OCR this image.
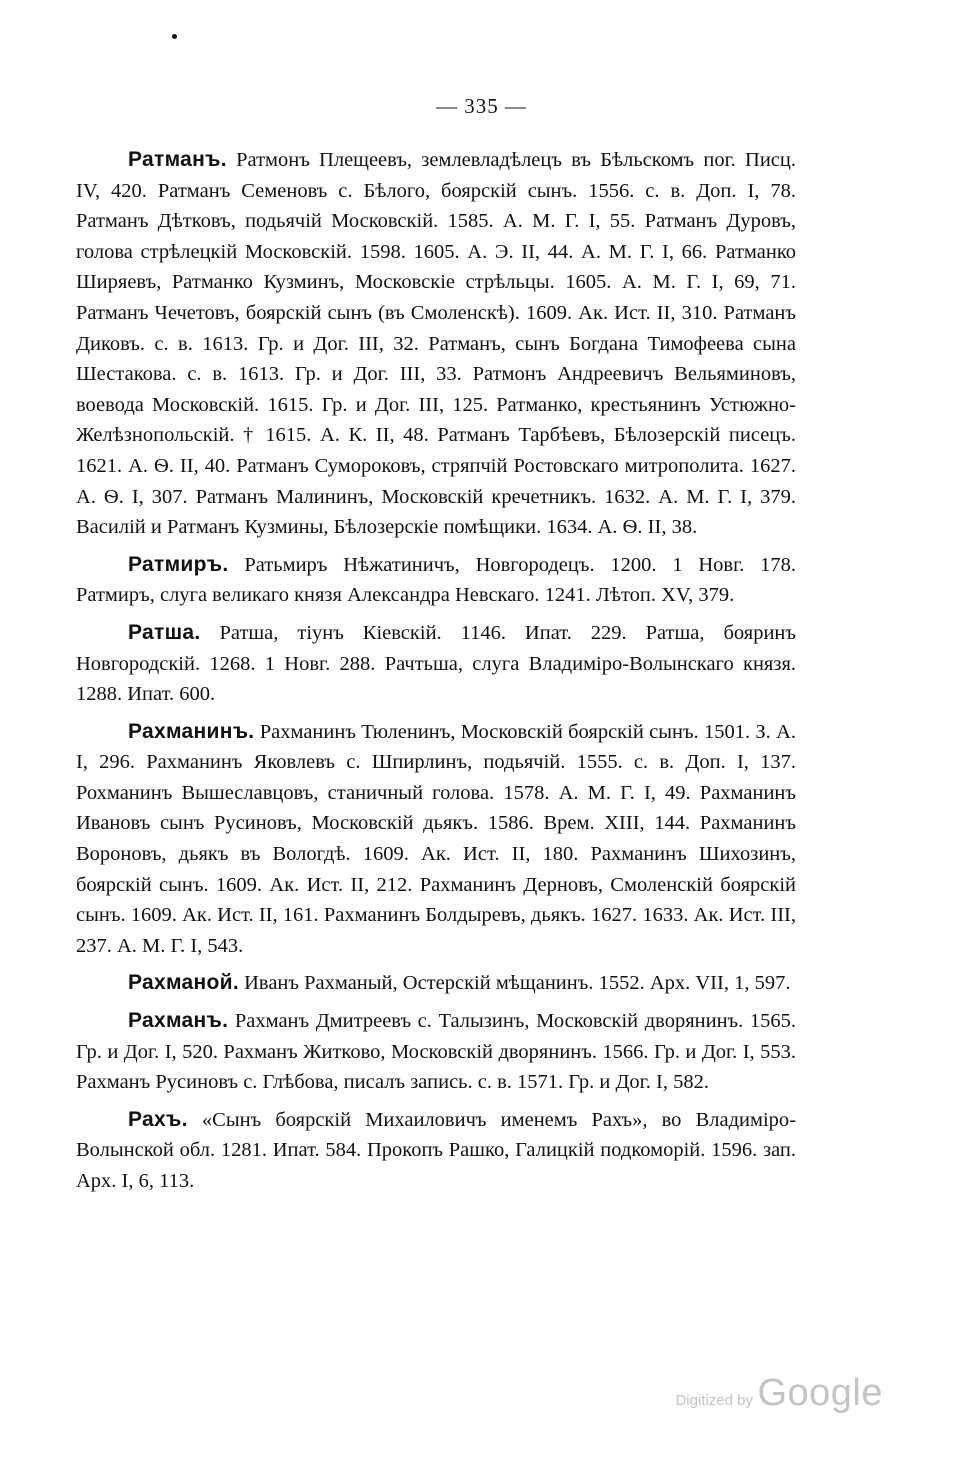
— 335 —

Ратманъ. Ратмонъ Плещеевъ, землевладѣлецъ въ Бѣльскомъ пог. Писц. IV, 420. Ратманъ Семеновъ с. Бѣлого, боярскій сынъ. 1556. с. в. Доп. I, 78. Ратманъ Дѣтковъ, подьячій Московскій. 1585. А. М. Г. I, 55. Ратманъ Дуровъ, голова стрѣлецкій Московскій. 1598. 1605. А. Э. II, 44. А. М. Г. I, 66. Ратманко Ширяевъ, Ратманко Кузминъ, Московскіе стрѣльцы. 1605. А. М. Г. I, 69, 71. Ратманъ Чечетовъ, боярскій сынъ (въ Смоленскѣ). 1609. Ак. Ист. II, 310. Ратманъ Диковъ. с. в. 1613. Гр. и Дог. III, 32. Ратманъ, сынъ Богдана Тимофеева сына Шестакова. с. в. 1613. Гр. и Дог. III, 33. Ратмонъ Андреевичъ Вельяминовъ, воевода Московскій. 1615. Гр. и Дог. III, 125. Ратманко, крестьянинъ Устюжно-Желѣзнопольскій. † 1615. А. К. II, 48. Ратманъ Тарбѣевъ, Бѣлозерскій писецъ. 1621. А. Ѳ. II, 40. Ратманъ Сумороковъ, стряпчій Ростовскаго митрополита. 1627. А. Ѳ. I, 307. Ратманъ Малининъ, Московскій кречетникъ. 1632. А. М. Г. I, 379. Василій и Ратманъ Кузмины, Бѣлозерскіе помѣщики. 1634. А. Ѳ. II, 38.

Ратмиръ. Ратьмиръ Нѣжатиничъ, Новгородецъ. 1200. 1 Новг. 178. Ратмиръ, слуга великаго князя Александра Невскаго. 1241. Лѣтоп. XV, 379.

Ратша. Ратша, тіунъ Кіевскій. 1146. Ипат. 229. Ратша, бояринъ Новгородскій. 1268. 1 Новг. 288. Рачтьша, слуга Владиміро-Волынскаго князя. 1288. Ипат. 600.

Рахманинъ. Рахманинъ Тюленинъ, Московскій боярскій сынъ. 1501. З. А. I, 296. Рахманинъ Яковлевъ с. Шпирлинъ, подьячій. 1555. с. в. Доп. I, 137. Рохманинъ Вышеславцовъ, станичный голова. 1578. А. М. Г. I, 49. Рахманинъ Ивановъ сынъ Русиновъ, Московскій дьякъ. 1586. Врем. XIII, 144. Рахманинъ Вороновъ, дьякъ въ Вологдѣ. 1609. Ак. Ист. II, 180. Рахманинъ Шихозинъ, боярскій сынъ. 1609. Ак. Ист. II, 212. Рахманинъ Дерновъ, Смоленскій боярскій сынъ. 1609. Ак. Ист. II, 161. Рахманинъ Болдыревъ, дьякъ. 1627. 1633. Ак. Ист. III, 237. А. М. Г. I, 543.

Рахманой. Иванъ Рахманый, Остерскій мѣщанинъ. 1552. Арх. VII, 1, 597.

Рахманъ. Рахманъ Дмитреевъ с. Талызинъ, Московскій дворянинъ. 1565. Гр. и Дог. I, 520. Рахманъ Житково, Московскій дворянинъ. 1566. Гр. и Дог. I, 553. Рахманъ Русиновъ с. Глѣбова, писалъ запись. с. в. 1571. Гр. и Дог. I, 582.

Рахъ. «Сынъ боярскій Михаиловичъ именемъ Рахъ», во Владиміро-Волынской обл. 1281. Ипат. 584. Прокопъ Рашко, Галицкій подкоморій. 1596. зап. Арх. I, 6, 113.

Digitized by Google
